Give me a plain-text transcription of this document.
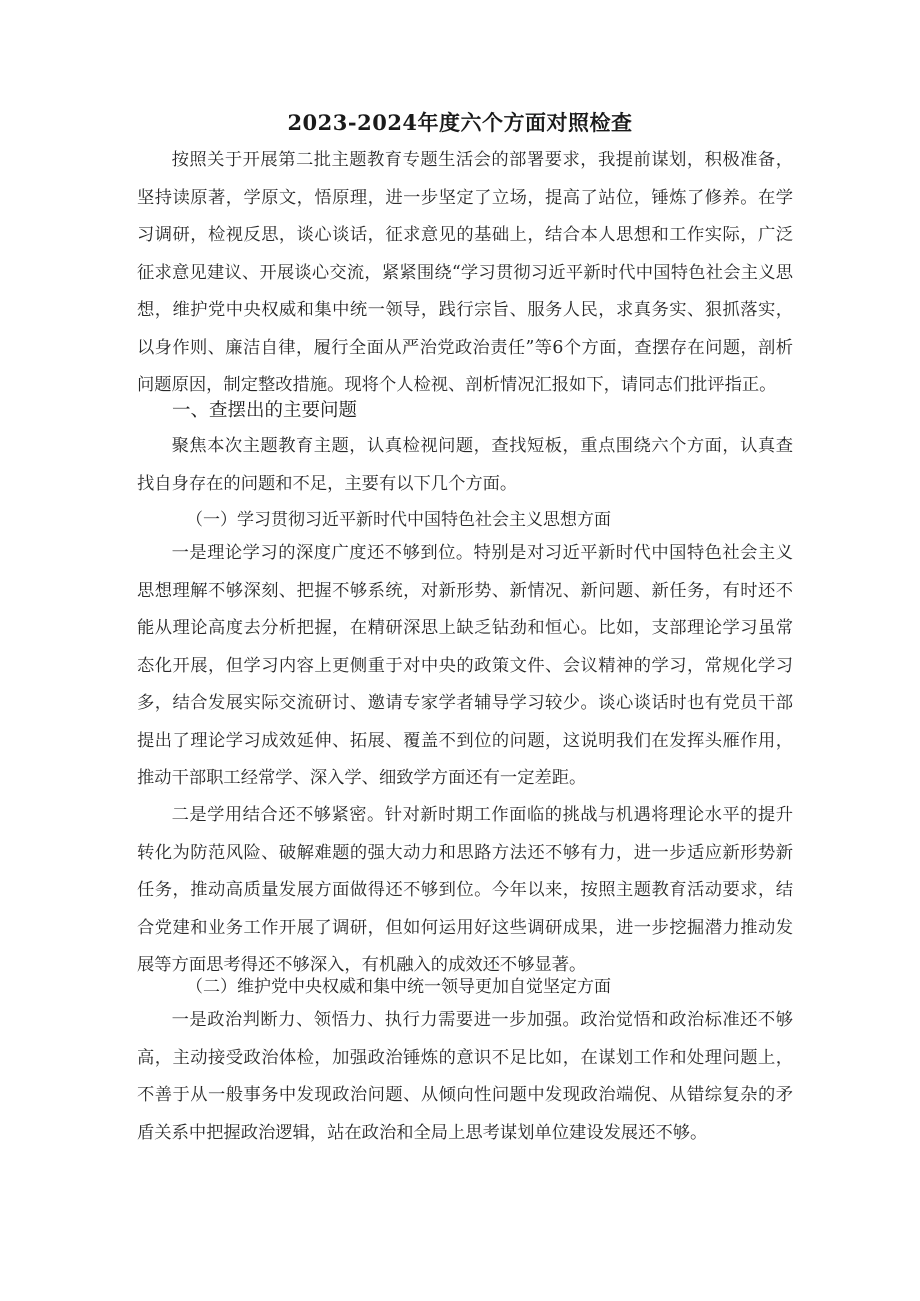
2023-2024年度六个方面对照检查

按照关于开展第二批主题教育专题生活会的部署要求，我提前谋划，积极准备，坚持读原著，学原文，悟原理，进一步坚定了立场，提高了站位，锤炼了修养。在学习调研，检视反思，谈心谈话，征求意见的基础上，结合本人思想和工作实际，广泛征求意见建议、开展谈心交流，紧紧围绕“学习贯彻习近平新时代中国特色社会主义思想，维护党中央权威和集中统一领导，践行宗旨、服务人民，求真务实、狠抓落实，以身作则、廉洁自律，履行全面从严治党政治责任”等6个方面，查摆存在问题，剖析问题原因，制定整改措施。现将个人检视、剖析情况汇报如下，请同志们批评指正。

一、查摆出的主要问题

聚焦本次主题教育主题，认真检视问题，查找短板，重点围绕六个方面，认真查找自身存在的问题和不足，主要有以下几个方面。

（一）学习贯彻习近平新时代中国特色社会主义思想方面

一是理论学习的深度广度还不够到位。特别是对习近平新时代中国特色社会主义思想理解不够深刻、把握不够系统，对新形势、新情况、新问题、新任务，有时还不能从理论高度去分析把握，在精研深思上缺乏钻劲和恒心。比如，支部理论学习虽常态化开展，但学习内容上更侧重于对中央的政策文件、会议精神的学习，常规化学习多，结合发展实际交流研讨、邀请专家学者辅导学习较少。谈心谈话时也有党员干部提出了理论学习成效延伸、拓展、覆盖不到位的问题，这说明我们在发挥头雁作用，推动干部职工经常学、深入学、细致学方面还有一定差距。

二是学用结合还不够紧密。针对新时期工作面临的挑战与机遇将理论水平的提升转化为防范风险、破解难题的强大动力和思路方法还不够有力，进一步适应新形势新任务，推动高质量发展方面做得还不够到位。今年以来，按照主题教育活动要求，结合党建和业务工作开展了调研，但如何运用好这些调研成果，进一步挖掘潜力推动发展等方面思考得还不够深入，有机融入的成效还不够显著。

（二）维护党中央权威和集中统一领导更加自觉坚定方面

一是政治判断力、领悟力、执行力需要进一步加强。政治觉悟和政治标准还不够高，主动接受政治体检，加强政治锤炼的意识不足比如，在谋划工作和处理问题上，不善于从一般事务中发现政治问题、从倾向性问题中发现政治端倪、从错综复杂的矛盾关系中把握政治逻辑，站在政治和全局上思考谋划单位建设发展还不够。
